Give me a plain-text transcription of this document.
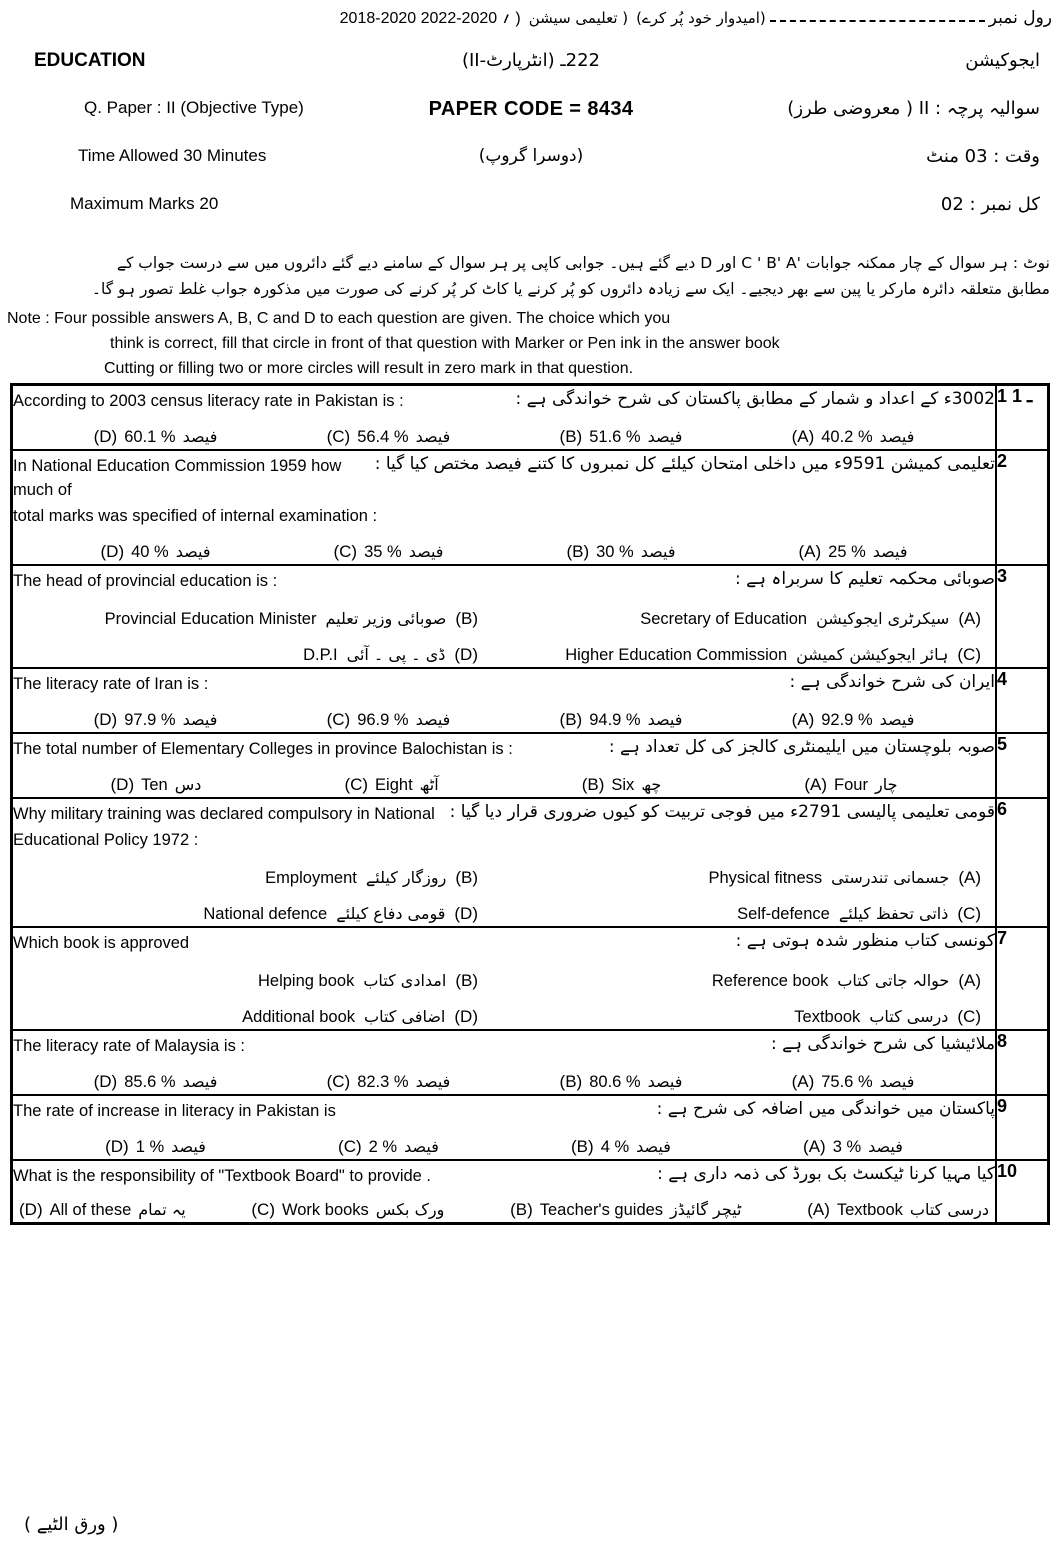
رول نمبر
(امیدوار خود پُر کرے)
( تعلیمی سیشن
2018-2020 ؍ 2020-2022 )
EDUCATION	222ـ (انٹرپارٹ-II)	ایجوکیشن
Q. Paper : II (Objective Type)	PAPER CODE = 8434	سوالیہ پرچہ : II ( معروضی طرز)
Time Allowed 30 Minutes	(دوسرا گروپ)	وقت : 30 منٹ
Maximum Marks 20	کل نمبر : 20
نوٹ : ہر سوال کے چار ممکنہ جوابات 'A 'B ' C اور D دیے گئے ہیں۔ جوابی کاپی پر ہر سوال کے سامنے دیے گئے دائروں میں سے درست جواب کے
مطابق متعلقہ دائرہ مارکر یا پین سے بھر دیجیے۔ ایک سے زیادہ دائروں کو پُر کرنے یا کاٹ کر پُر کرنے کی صورت میں مذکورہ جواب غلط تصور ہو گا۔
Note : Four possible answers A, B, C and D to each question are given. The choice which you
think is correct, fill that circle in front of that question with Marker or Pen ink in the answer book
Cutting or filling two or more circles will result in zero mark in that question.
According to 2003 census literacy rate in Pakistan is :	2003ء کے اعداد و شمار کے مطابق پاکستان کی شرح خواندگی ہے :
(A) 40.2 % فیصد
(B) 51.6 % فیصد
(C) 56.4 % فیصد
(D) 60.1 % فیصد
	1 ـ 1

In National Education Commission 1959 how much of
تعلیمی کمیشن 1959ء میں داخلی امتحان کیلئے کل نمبروں کا کتنے فیصد مختص کیا گیا :
total marks was specified of internal examination :
(A) 25 % فیصد
(B) 30 % فیصد
(C) 35 % فیصد
(D) 40 % فیصد
	2

The head of provincial education is :	صوبائی محکمہ تعلیم کا سربراہ ہے :
(A)
سیکرٹری ایجوکیشن
Secretary of Education
(B)
صوبائی وزیر تعلیم
Provincial Education Minister
(C)
ہائر ایجوکیشن کمیشن
Higher Education Commission
(D)
ڈی ۔ پی ۔ آئی
D.P.I
	3

The literacy rate of Iran is :	ایران کی شرح خواندگی ہے :
(A) 92.9 % فیصد
(B) 94.9 % فیصد
(C) 96.9 % فیصد
(D) 97.9 % فیصد
	4

The total number of Elementary Colleges in province Balochistan is :	صوبہ بلوچستان میں ایلیمنٹری کالجز کی کل تعداد ہے :
(A) Four چار
(B) Six چھ
(C) Eight آٹھ
(D) Ten دس
	5

Why military training was declared compulsory in National قومی تعلیمی پالیسی 1972ء میں فوجی تربیت کو کیوں ضروری قرار دیا گیا :
Educational Policy 1972 :
(A)
جسمانی تندرستی
Physical fitness
(B)
روزگار کیلئے
Employment
(C)
ذاتی تحفظ کیلئے
Self-defence
(D)
قومی دفاع کیلئے
National defence
	6

Which book is approved	کونسی کتاب منظور شدہ ہوتی ہے :
(A)
حوالہ جاتی کتاب
Reference book
(B)
امدادی کتاب
Helping book
(C)
درسی کتاب
Textbook
(D)
اضافی کتاب
Additional book
	7

The literacy rate of Malaysia is :	ملائیشیا کی شرح خواندگی ہے :
(A) 75.6 % فیصد
(B) 80.6 % فیصد
(C) 82.3 % فیصد
(D) 85.6 % فیصد
	8

The rate of increase in literacy in Pakistan is	پاکستان میں خواندگی میں اضافہ کی شرح ہے :
(A) 3 % فیصد
(B) 4 % فیصد
(C) 2 % فیصد
(D) 1 % فیصد
	9

What is the responsibility of "Textbook Board" to provide .	کیا مہیا کرنا ٹیکسٹ بک بورڈ کی ذمہ داری ہے :
(A) Textbook درسی کتاب
(B) Teacher's guides ٹیچر گائیڈز
(C) Work books ورک بکس
(D) All of these یہ تمام
	10
( ورق الٹیے )
